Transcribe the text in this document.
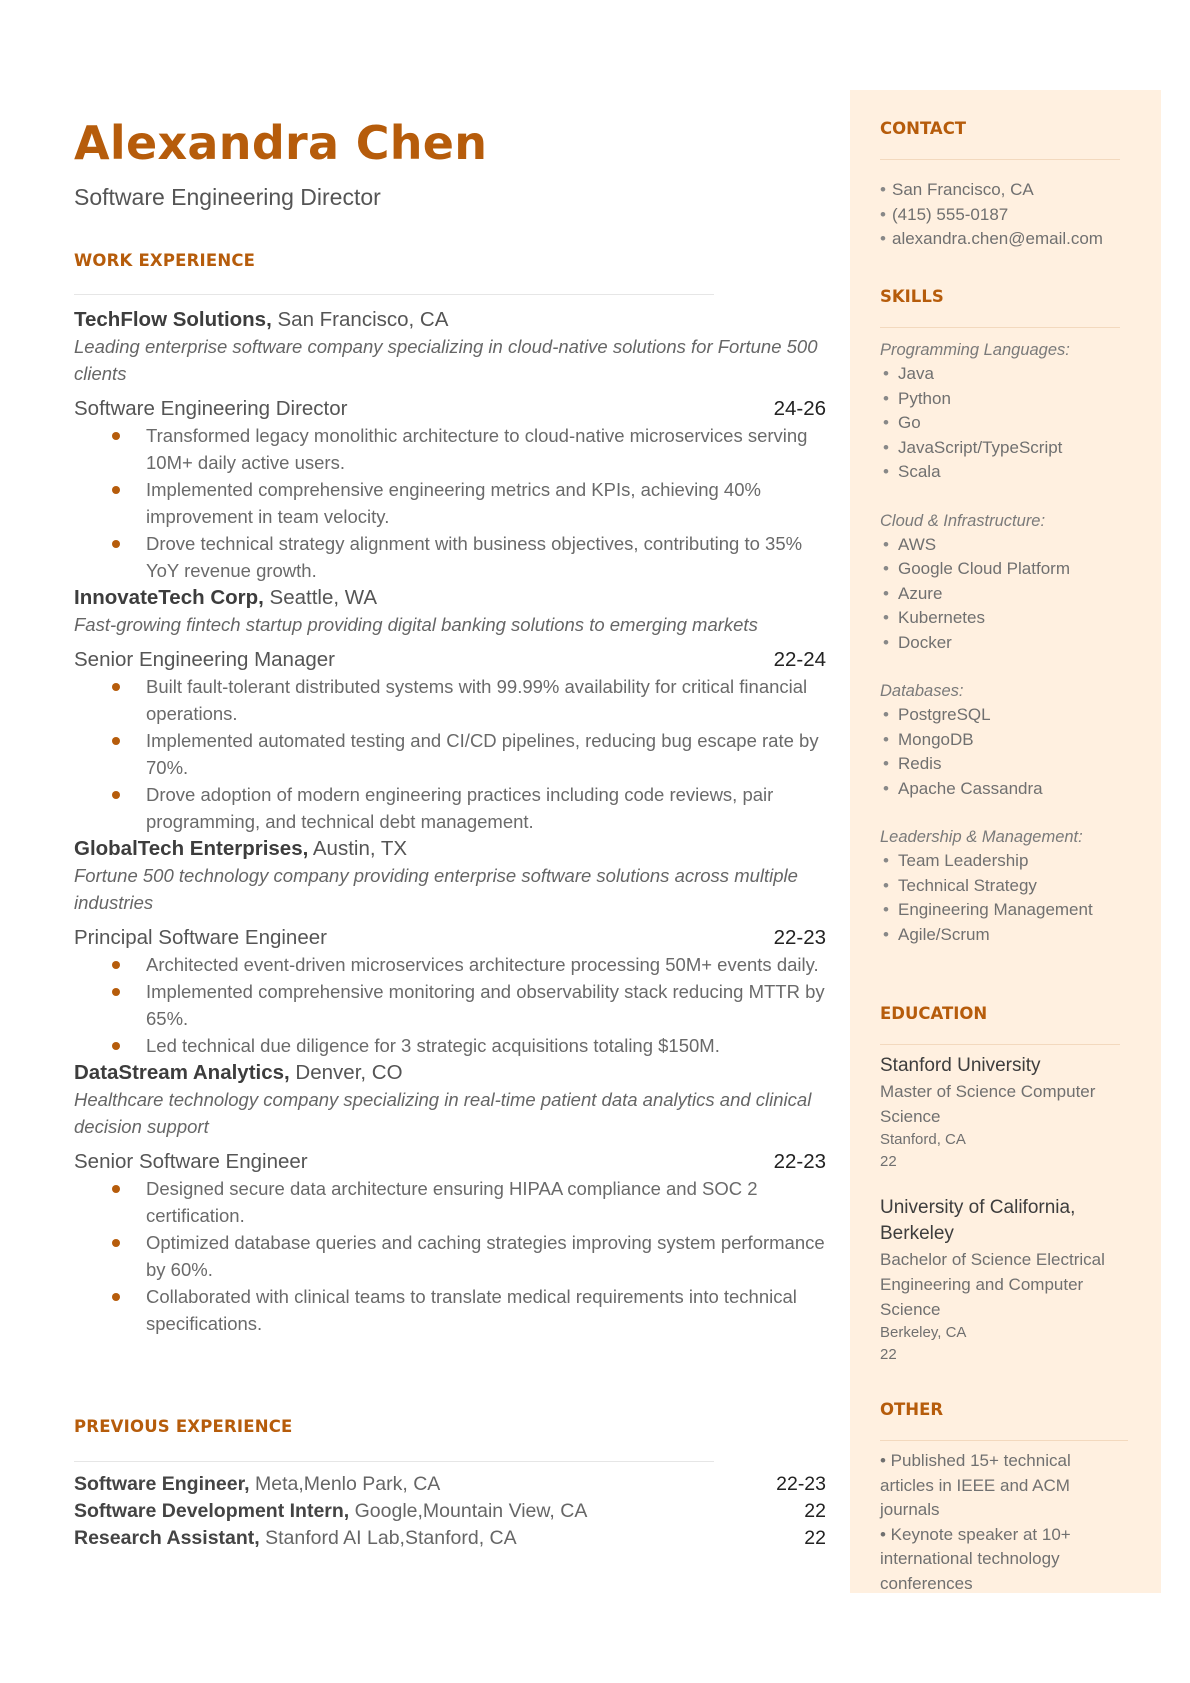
Alexandra Chen
Software Engineering Director
WORK EXPERIENCE
TechFlow Solutions, San Francisco, CA
Leading enterprise software company specializing in cloud-native solutions for Fortune 500 clients
Software Engineering Director	24-26
Transformed legacy monolithic architecture to cloud-native microservices serving 10M+ daily active users.
Implemented comprehensive engineering metrics and KPIs, achieving 40% improvement in team velocity.
Drove technical strategy alignment with business objectives, contributing to 35% YoY revenue growth.
InnovateTech Corp, Seattle, WA
Fast-growing fintech startup providing digital banking solutions to emerging markets
Senior Engineering Manager	22-24
Built fault-tolerant distributed systems with 99.99% availability for critical financial operations.
Implemented automated testing and CI/CD pipelines, reducing bug escape rate by 70%.
Drove adoption of modern engineering practices including code reviews, pair programming, and technical debt management.
GlobalTech Enterprises, Austin, TX
Fortune 500 technology company providing enterprise software solutions across multiple industries
Principal Software Engineer	22-23
Architected event-driven microservices architecture processing 50M+ events daily.
Implemented comprehensive monitoring and observability stack reducing MTTR by 65%.
Led technical due diligence for 3 strategic acquisitions totaling $150M.
DataStream Analytics, Denver, CO
Healthcare technology company specializing in real-time patient data analytics and clinical decision support
Senior Software Engineer	22-23
Designed secure data architecture ensuring HIPAA compliance and SOC 2 certification.
Optimized database queries and caching strategies improving system performance by 60%.
Collaborated with clinical teams to translate medical requirements into technical specifications.
PREVIOUS EXPERIENCE
Software Engineer, Meta,Menlo Park, CA	22-23
Software Development Intern, Google,Mountain View, CA	22
Research Assistant, Stanford AI Lab,Stanford, CA	22
CONTACT
• San Francisco, CA
• (415) 555-0187
• alexandra.chen@email.com
SKILLS
Programming Languages:
• Java
• Python
• Go
• JavaScript/TypeScript
• Scala
Cloud & Infrastructure:
• AWS
• Google Cloud Platform
• Azure
• Kubernetes
• Docker
Databases:
• PostgreSQL
• MongoDB
• Redis
• Apache Cassandra
Leadership & Management:
• Team Leadership
• Technical Strategy
• Engineering Management
• Agile/Scrum
EDUCATION
Stanford University
Master of Science Computer Science
Stanford, CA
22
University of California, Berkeley
Bachelor of Science Electrical Engineering and Computer Science
Berkeley, CA
22
OTHER
• Published 15+ technical articles in IEEE and ACM journals
• Keynote speaker at 10+ international technology conferences
